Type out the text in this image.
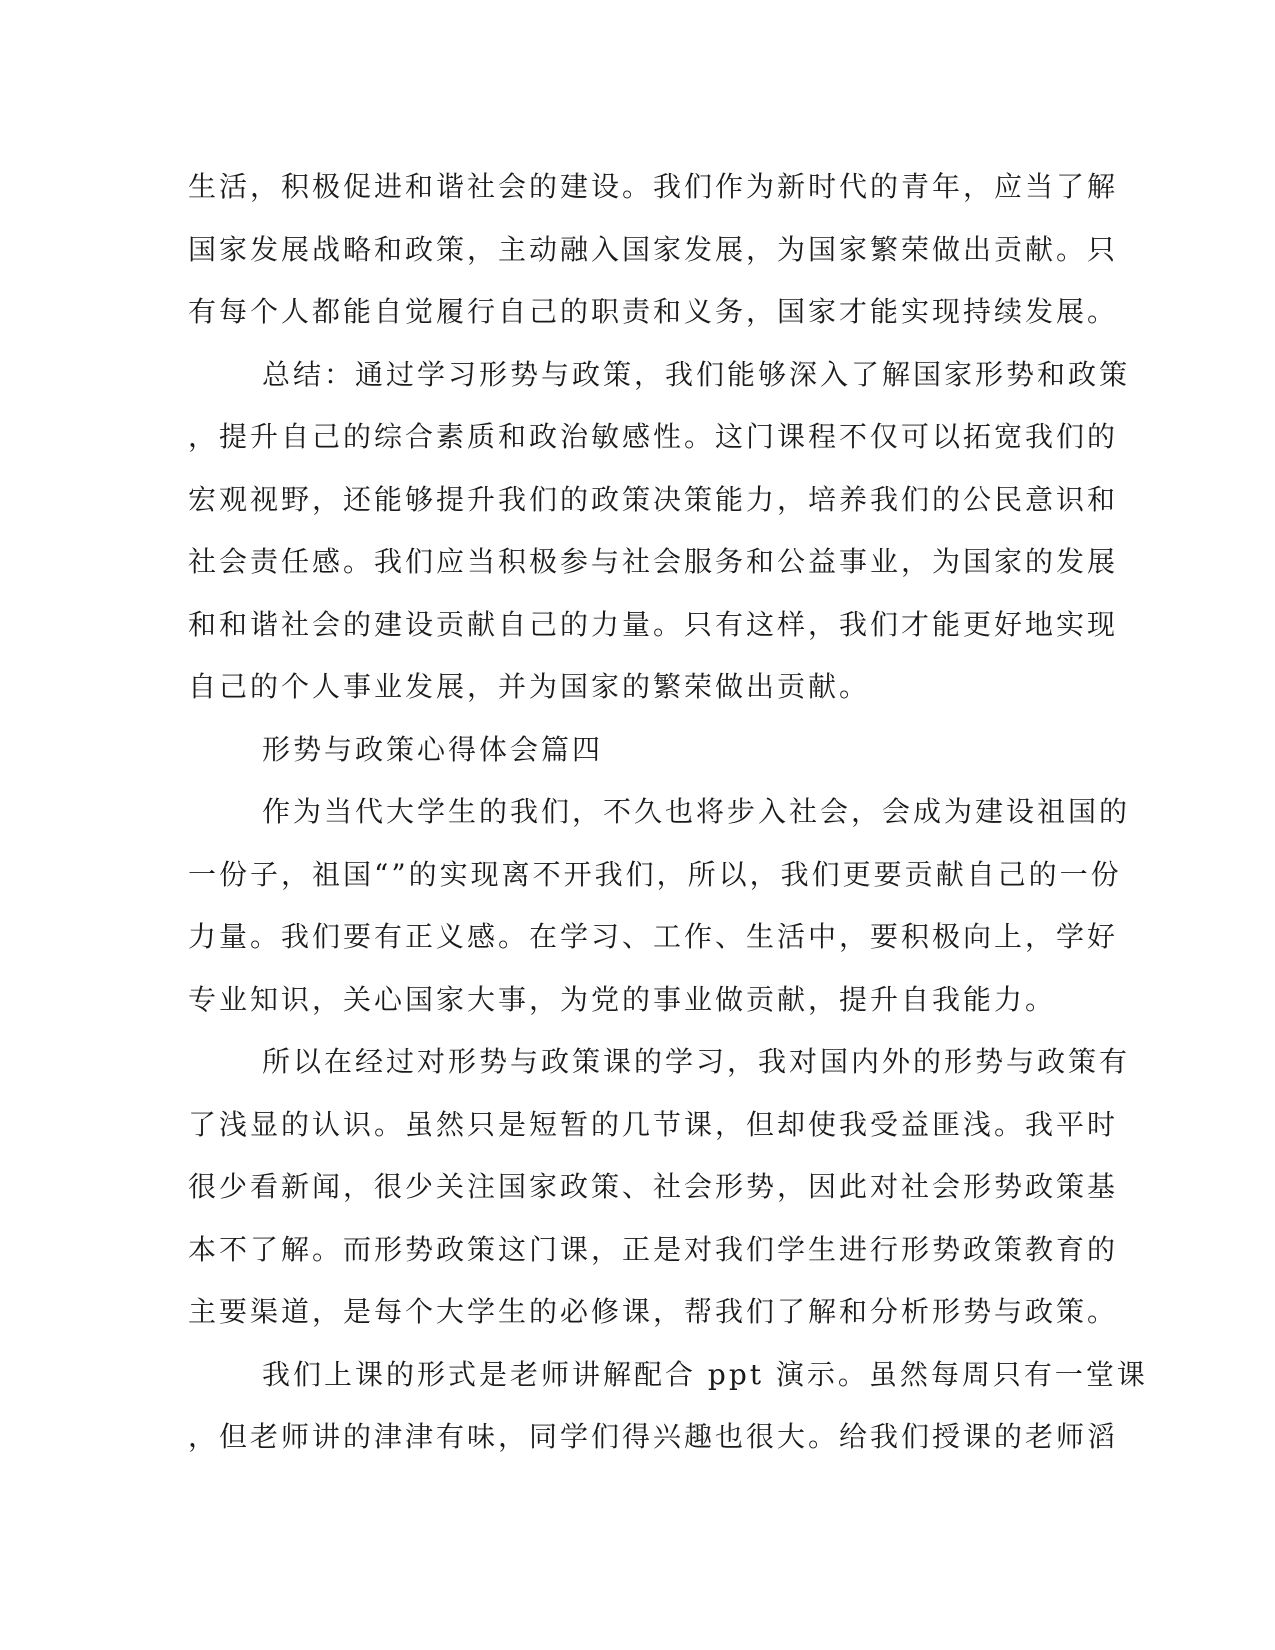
生活，积极促进和谐社会的建设。我们作为新时代的青年，应当了解
国家发展战略和政策，主动融入国家发展，为国家繁荣做出贡献。只
有每个人都能自觉履行自己的职责和义务，国家才能实现持续发展。
总结：通过学习形势与政策，我们能够深入了解国家形势和政策
，提升自己的综合素质和政治敏感性。这门课程不仅可以拓宽我们的
宏观视野，还能够提升我们的政策决策能力，培养我们的公民意识和
社会责任感。我们应当积极参与社会服务和公益事业，为国家的发展
和和谐社会的建设贡献自己的力量。只有这样，我们才能更好地实现
自己的个人事业发展，并为国家的繁荣做出贡献。
形势与政策心得体会篇四
作为当代大学生的我们，不久也将步入社会，会成为建设祖国的
一份子，祖国“”的实现离不开我们，所以，我们更要贡献自己的一份
力量。我们要有正义感。在学习、工作、生活中，要积极向上，学好
专业知识，关心国家大事，为党的事业做贡献，提升自我能力。
所以在经过对形势与政策课的学习，我对国内外的形势与政策有
了浅显的认识。虽然只是短暂的几节课，但却使我受益匪浅。我平时
很少看新闻，很少关注国家政策、社会形势，因此对社会形势政策基
本不了解。而形势政策这门课，正是对我们学生进行形势政策教育的
主要渠道，是每个大学生的必修课，帮我们了解和分析形势与政策。
我们上课的形式是老师讲解配合 ppt 演示。虽然每周只有一堂课
，但老师讲的津津有味，同学们得兴趣也很大。给我们授课的老师滔
